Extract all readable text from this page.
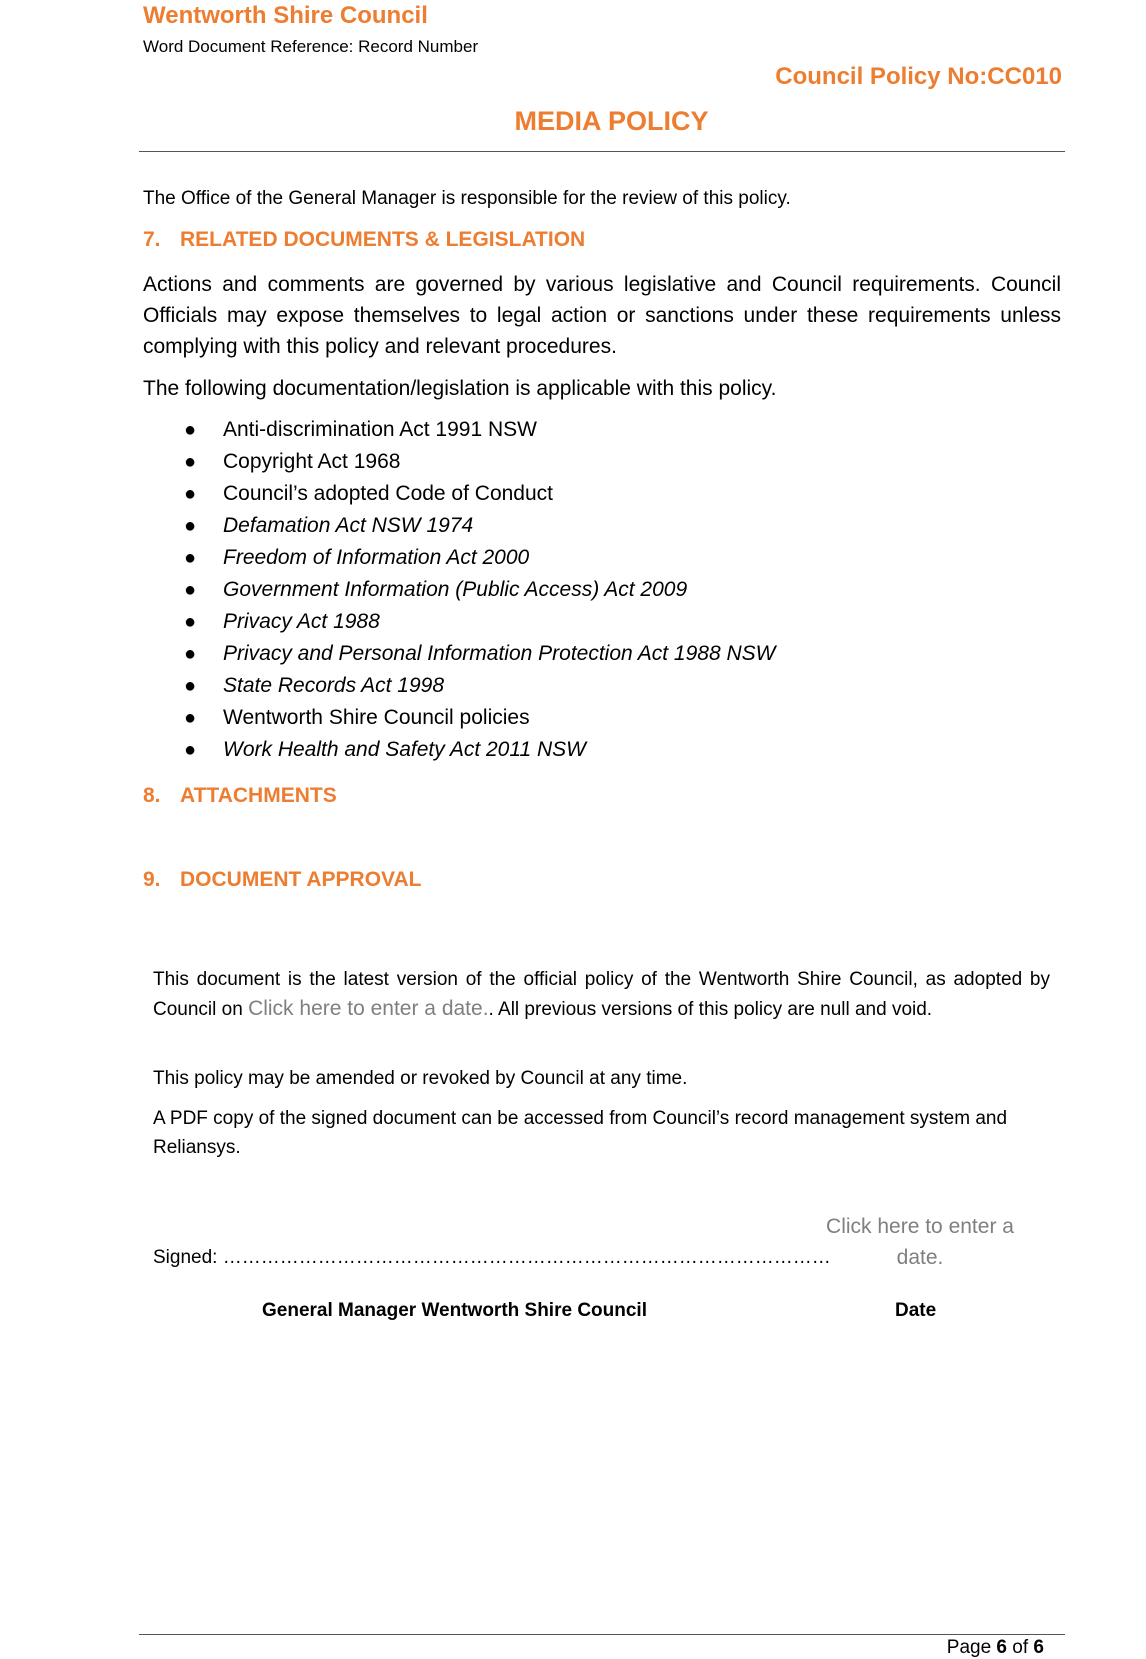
Wentworth Shire Council
Word Document Reference: Record Number
Council Policy No:CC010
MEDIA POLICY
The Office of the General Manager is responsible for the review of this policy.
7. RELATED DOCUMENTS & LEGISLATION
Actions and comments are governed by various legislative and Council requirements. Council Officials may expose themselves to legal action or sanctions under these requirements unless complying with this policy and relevant procedures.
The following documentation/legislation is applicable with this policy.
● Anti-discrimination Act 1991 NSW
● Copyright Act 1968
● Council’s adopted Code of Conduct
● Defamation Act NSW 1974
● Freedom of Information Act 2000
● Government Information (Public Access) Act 2009
● Privacy Act 1988
● Privacy and Personal Information Protection Act 1988 NSW
● State Records Act 1998
● Wentworth Shire Council policies
● Work Health and Safety Act 2011 NSW
8. ATTACHMENTS
9. DOCUMENT APPROVAL
This document is the latest version of the official policy of the Wentworth Shire Council, as adopted by Council on Click here to enter a date.. All previous versions of this policy are null and void.
This policy may be amended or revoked by Council at any time.
A PDF copy of the signed document can be accessed from Council’s record management system and Reliansys.
Click here to enter a date.
Signed: ……………………………………………………………………………………
General Manager Wentworth Shire Council	Date
Page 6 of 6
